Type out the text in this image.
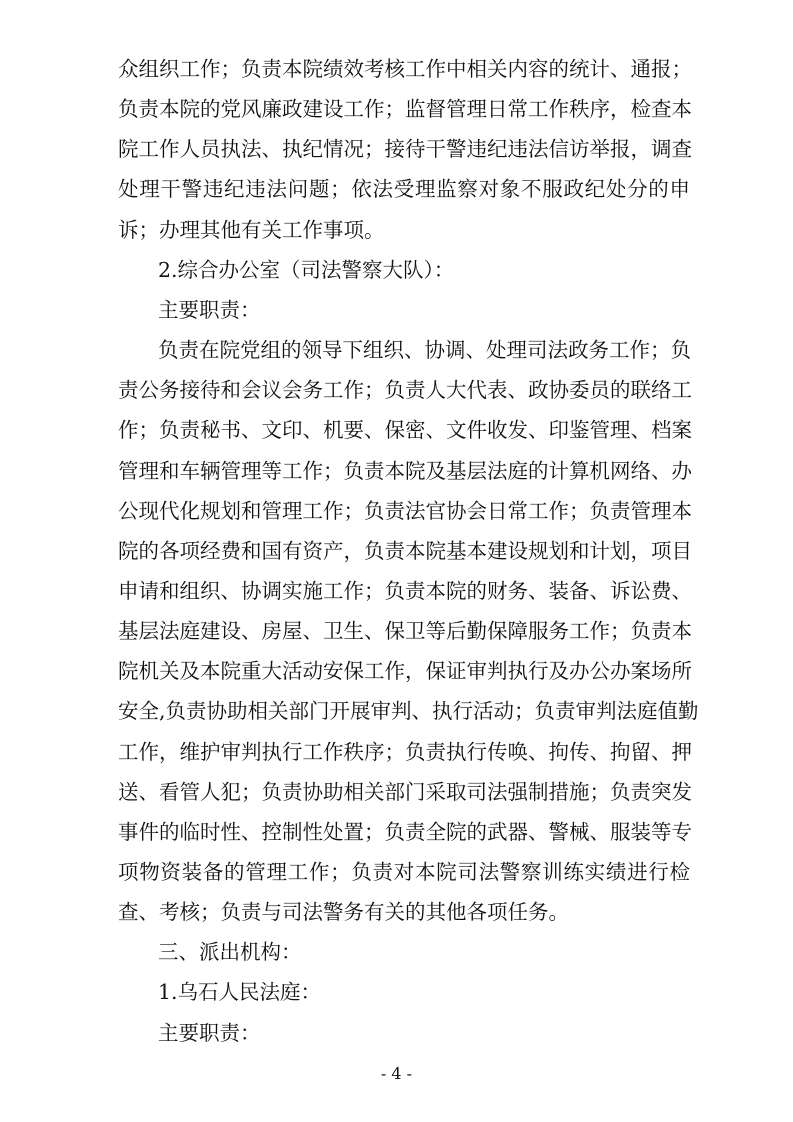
众组织工作；负责本院绩效考核工作中相关内容的统计、通报；
负责本院的党风廉政建设工作；监督管理日常工作秩序，检查本
院工作人员执法、执纪情况；接待干警违纪违法信访举报，调查
处理干警违纪违法问题；依法受理监察对象不服政纪处分的申
诉；办理其他有关工作事项。
2.综合办公室（司法警察大队）：
主要职责：
负责在院党组的领导下组织、协调、处理司法政务工作；负
责公务接待和会议会务工作；负责人大代表、政协委员的联络工
作；负责秘书、文印、机要、保密、文件收发、印鉴管理、档案
管理和车辆管理等工作；负责本院及基层法庭的计算机网络、办
公现代化规划和管理工作；负责法官协会日常工作；负责管理本
院的各项经费和国有资产，负责本院基本建设规划和计划，项目
申请和组织、协调实施工作；负责本院的财务、装备、诉讼费、
基层法庭建设、房屋、卫生、保卫等后勤保障服务工作；负责本
院机关及本院重大活动安保工作，保证审判执行及办公办案场所
安全,负责协助相关部门开展审判、执行活动；负责审判法庭值勤
工作，维护审判执行工作秩序；负责执行传唤、拘传、拘留、押
送、看管人犯；负责协助相关部门采取司法强制措施；负责突发
事件的临时性、控制性处置；负责全院的武器、警械、服装等专
项物资装备的管理工作；负责对本院司法警察训练实绩进行检
查、考核；负责与司法警务有关的其他各项任务。
三、派出机构：
1.乌石人民法庭：
主要职责：
- 4 -
